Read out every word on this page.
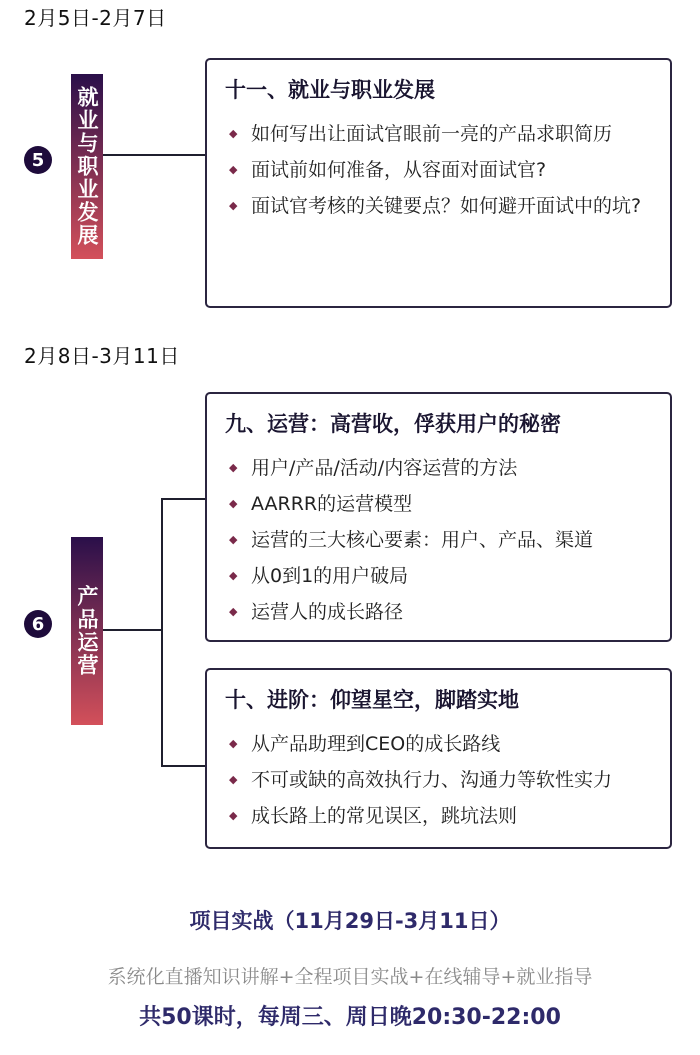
2月5日-2月7日
5	就业与职业发展	十一、就业与职业发展

◆ 如何写出让面试官眼前一亮的产品求职简历
◆ 面试前如何准备，从容面对面试官?
◆ 面试官考核的关键要点？如何避开面试中的坑?
2月8日-3月11日
6	产品运营

九、运营：高营收，俘获用户的秘密

◆ 用户/产品/活动/内容运营的方法
◆ AARRR的运营模型
◆ 运营的三大核心要素：用户、产品、渠道
◆ 从0到1的用户破局
◆ 运营人的成长路径

十、进阶：仰望星空，脚踏实地

◆ 从产品助理到CEO的成长路线
◆ 不可或缺的高效执行力、沟通力等软性实力
◆ 成长路上的常见误区，跳坑法则
项目实战（11月29日-3月11日）
系统化直播知识讲解+全程项目实战+在线辅导+就业指导
共50课时，每周三、周日晚20:30-22:00
